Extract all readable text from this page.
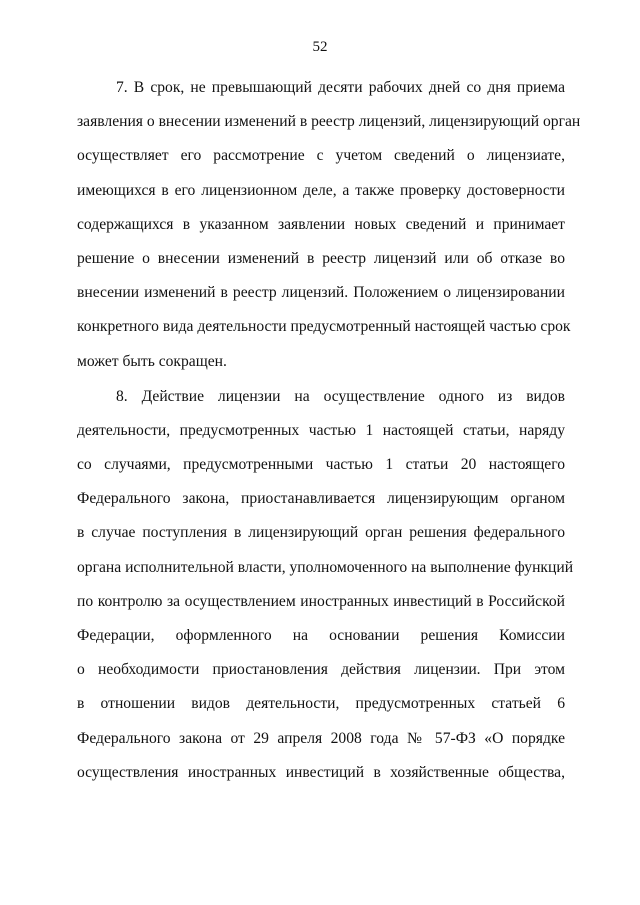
52
7. В срок, не превышающий десяти рабочих дней со дня приема
заявления о внесении изменений в реестр лицензий, лицензирующий орган
осуществляет его рассмотрение с учетом сведений о лицензиате,
имеющихся в его лицензионном деле, а также проверку достоверности
содержащихся в указанном заявлении новых сведений и принимает
решение о внесении изменений в реестр лицензий или об отказе во
внесении изменений в реестр лицензий. Положением о лицензировании
конкретного вида деятельности предусмотренный настоящей частью срок
может быть сокращен.
8. Действие лицензии на осуществление одного из видов
деятельности, предусмотренных частью 1 настоящей статьи, наряду
со случаями, предусмотренными частью 1 статьи 20 настоящего
Федерального закона, приостанавливается лицензирующим органом
в случае поступления в лицензирующий орган решения федерального
органа исполнительной власти, уполномоченного на выполнение функций
по контролю за осуществлением иностранных инвестиций в Российской
Федерации, оформленного на основании решения Комиссии
о необходимости приостановления действия лицензии. При этом
в отношении видов деятельности, предусмотренных статьей 6
Федерального закона от 29 апреля 2008 года № 57-ФЗ «О порядке
осуществления иностранных инвестиций в хозяйственные общества,
